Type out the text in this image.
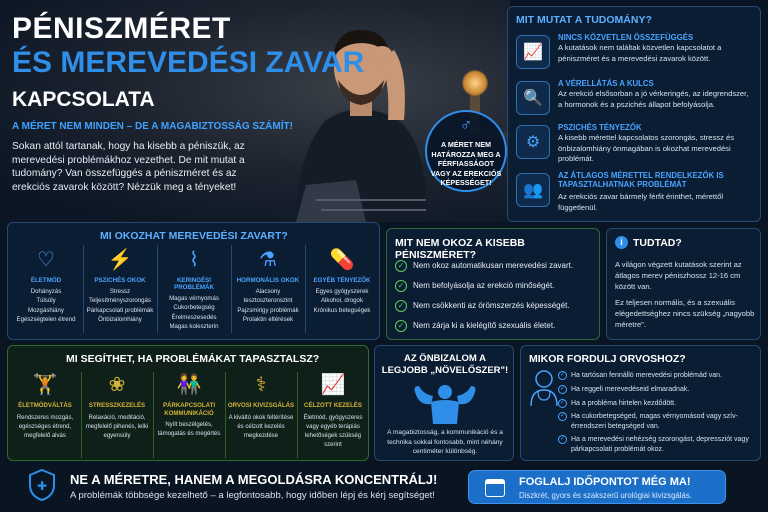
PÉNISZMÉRET
ÉS MEREVEDÉSI ZAVAR
KAPCSOLATA
A MÉRET NEM MINDEN – DE A MAGABIZTOSSÁG SZÁMÍT!
Sokan attól tartanak, hogy ha kisebb a péniszük, az merevedési problémákhoz vezethet. De mit mutat a tudomány? Van összefüggés a péniszméret és az erekciós zavarok között? Nézzük meg a tényeket!
♂
A MÉRET NEM HATÁROZZA MEG A FÉRFIASSÁGOT VAGY AZ EREKCIÓS KÉPESSÉGET!
MIT MUTAT A TUDOMÁNY?
📈
NINCS KÖZVETLEN ÖSSZEFÜGGÉS
A kutatások nem találtak közvetlen kapcsolatot a péniszméret és a merevedési zavarok között.
🔍
A VÉRELLÁTÁS A KULCS
Az erekció elsősorban a jó vérkeringés, az idegrendszer, a hormonok és a pszichés állapot befolyásolja.
⚙
PSZICHÉS TÉNYEZŐK
A kisebb mérettel kapcsolatos szorongás, stressz és önbizalomhiány önmagában is okozhat merevedési problémát.
👥
AZ ÁTLAGOS MÉRETTEL RENDELKEZŐK IS TAPASZTALHATNAK PROBLÉMÁT
Az erekciós zavar bármely férfit érinthet, mérettől függetlenül.
MI OKOZHAT MEREVEDÉSI ZAVART?
♡
ÉLETMÓD
Dohányzás
Túlsúly
Mozgáshiány
Egészségtelen étrend
⚡
PSZICHÉS OKOK
Stressz
Teljesítményszorongás
Párkapcsolati problémák
Önbizalomhiány
⌇
KERINGÉSI PROBLÉMÁK
Magas vérnyomás
Cukorbetegség
Érelmeszesedés
Magas koleszterin
⚗
HORMONÁLIS OKOK
Alacsony tesztoszteronszint
Pajzsmirigy problémák
Prolaktin eltérések
💊
EGYÉB TÉNYEZŐK
Egyes gyógyszerek
Alkohol, drogok
Krónikus betegségek
MIT NEM OKOZ A KISEBB PÉNISZMÉRET?
✓ Nem okoz automatikusan merevedési zavart.
✓ Nem befolyásolja az erekció minőségét.
✓ Nem csökkenti az örömszerzés képességét.
✓ Nem zárja ki a kielégítő szexuális életet.
i TUDTAD?
A világon végzett kutatások szerint az átlagos merev péniszhossz 12-16 cm között van.
Ez teljesen normális, és a szexuális elégedettséghez nincs szükség „nagyobb méretre".
MI SEGÍTHET, HA PROBLÉMÁKAT TAPASZTALSZ?
🏋
ÉLETMÓDVÁLTÁS
Rendszeres mozgás, egészséges étrend, megfelelő alvás
❀
STRESSZKEZELÉS
Relaxáció, meditáció, megfelelő pihenés, lelki egyensúly
👫
PÁRKAPCSOLATI KOMMUNIKÁCIÓ
Nyílt beszélgetés, támogatás és megértés
⚕
ORVOSI KIVIZSGÁLÁS
A kiváltó okok feltérítése és célzott kezelés megkezdése
📈
CÉLZOTT KEZELÉS
Életmód, gyógyszeres vagy egyéb terápiás lehetőségek szükség szerint
AZ ÖNBIZALOM A LEGJOBB „NÖVELŐSZER"!
A magabiztosság, a kommunikáció és a technika sokkal fontosabb, mint néhány centiméter különbség.
MIKOR FORDULJ ORVOSHOZ?
✓ Ha tartósan fennálló merevedési problémád van.
✓ Ha reggeli merevedéseid elmaradnak.
✓ Ha a probléma hirtelen kezdődött.
✓ Ha cukorbetegséged, magas vérnyomásod vagy szív-érrendszeri betegséged van.
✓ Ha a merevedési nehézség szorongást, depressziót vagy párkapcsolati problémát okoz.
✚ NE A MÉRETRE, HANEM A MEGOLDÁSRA KONCENTRÁLJ!
A problémák többsége kezelhető – a legfontosabb, hogy időben lépj és kérj segítséget!
FOGLALJ IDŐPONTOT MÉG MA!
Diszkrét, gyors és szakszerű urológiai kivizsgálás.
